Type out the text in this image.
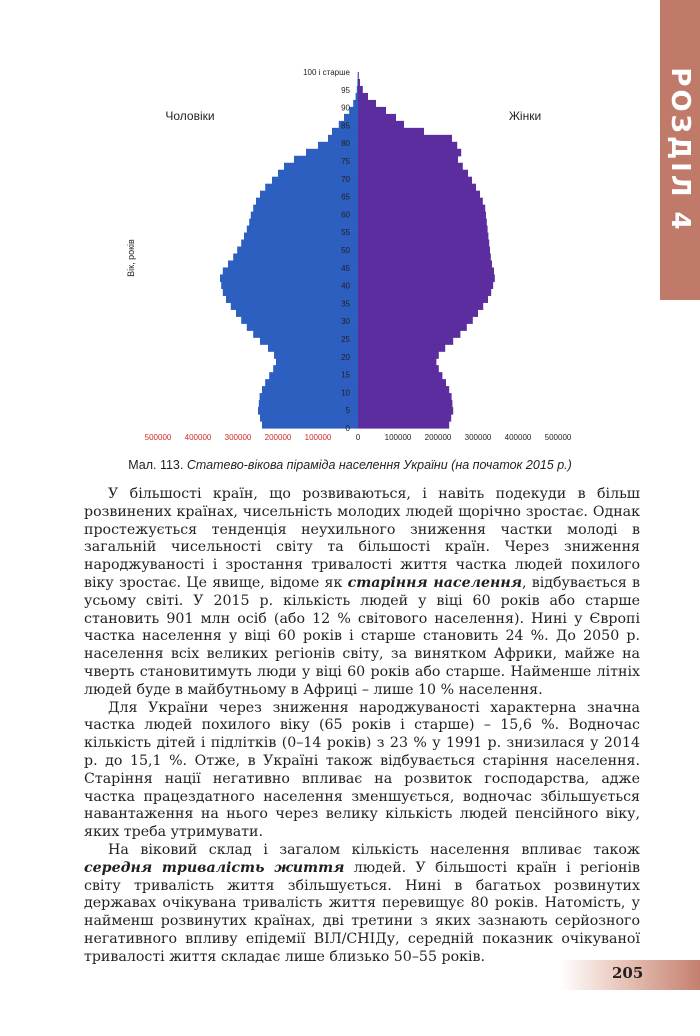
РОЗДІЛ 4
Чоловіки	Жінки
Вік, років
0
5
10
15
20
25
30
35
40
45
50
55
60
65
70
75
80
85
90
95
100 і старше
500000 400000 300000 200000 100000	0	100000 200000 300000 400000 500000
Мал. 113. Статево-вікова піраміда населення України (на початок 2015 р.)

У більшості країн, що розвиваються, і навіть подекуди в більш розвинених країнах, чисельність молодих людей щорічно зростає. Однак простежується тенденція неухильного зниження частки молоді в загальній чисельності світу та більшості країн. Через зниження народжуваності і зростання тривалості життя частка людей похилого віку зростає. Це явище, відоме як старіння населення, відбувається в усьому світі. У 2015 р. кількість людей у віці 60 років або старше становить 901 млн осіб (або 12 % світового населення). Нині у Європі частка населення у віці 60 років і старше становить 24 %. До 2050 р. населення всіх великих регіонів світу, за винятком Африки, майже на чверть становитимуть люди у віці 60 років або старше. Найменше літніх людей буде в майбутньому в Африці – лише 10 % населення.

Для України через зниження народжуваності характерна значна частка людей похилого віку (65 років і старше) – 15,6 %. Водночас кількість дітей і підлітків (0–14 років) з 23 % у 1991 р. знизилася у 2014 р. до 15,1 %. Отже, в Україні також відбувається старіння населення. Старіння нації негативно впливає на розвиток господарства, адже частка працездатного населення зменшується, водночас збільшується навантаження на нього через велику кількість людей пенсійного віку, яких треба утримувати.

На віковий склад і загалом кількість населення впливає також середня тривалість життя людей. У більшості країн і регіонів світу тривалість життя збільшується. Нині в багатьох розвинутих державах очікувана тривалість життя перевищує 80 років. Натомість, у найменш розвинутих країнах, дві третини з яких зазнають серйозного негативного впливу епідемії ВІЛ/СНІДу, середній показник очікуваної тривалості життя складає лише близько 50–55 років.

205
